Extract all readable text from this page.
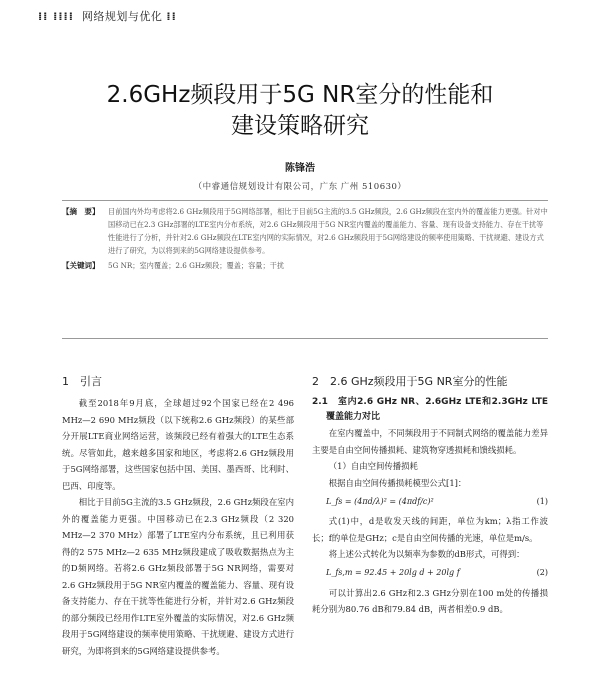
⁞⁞ ⁞⁞⁞⁞ 网络规划与优化 ⁞⁞
2.6GHz频段用于5G NR室分的性能和
建设策略研究
陈锋浩
（中睿通信规划设计有限公司，广东 广州 510630）
【摘　要】	目前国内外均考虑将2.6 GHz频段用于5G网络部署，相比于目前5G主流的3.5 GHz频段，2.6 GHz频段在室内外的覆盖能力更强。针对中国移动已在2.3 GHz部署的LTE室内分布系统，对2.6 GHz频段用于5G NR室内覆盖的覆盖能力、容量、现有设备支持能力、存在干扰等性能进行了分析，并针对2.6 GHz频段在LTE室内网的实际情况，对2.6 GHz频段用于5G网络建设的频率使用策略、干扰规避、建设方式进行了研究，为以将到来的5G网络建设提供参考。
【关键词】	5G NR；室内覆盖；2.6 GHz频段；覆盖；容量；干扰
1　引言

截至2018年9月底，全球超过92个国家已经在2 496 MHz—2 690 MHz频段（以下统称2.6 GHz频段）的某些部分开展LTE商业网络运营，该频段已经有着强大的LTE生态系统。尽管如此，越来越多国家和地区，考虑将2.6 GHz频段用于5G网络部署，这些国家包括中国、美国、墨西哥、比利时、巴西、印度等。

相比于目前5G主流的3.5 GHz频段，2.6 GHz频段在室内外的覆盖能力更强。中国移动已在2.3 GHz频段（2 320 MHz—2 370 MHz）部署了LTE室内分布系统，且已利用获得的2 575 MHz—2 635 MHz频段建成了吸收数据热点为主的D频网络。若将2.6 GHz频段部署于5G NR网络，需要对2.6 GHz频段用于5G NR室内覆盖的覆盖能力、容量、现有设备支持能力、存在干扰等性能进行分析，并针对2.6 GHz频段的部分频段已经用作LTE室外覆盖的实际情况，对2.6 GHz频段用于5G网络建设的频率使用策略、干扰规避、建设方式进行研究，为即将到来的5G网络建设提供参考。

2　2.6 GHz频段用于5G NR室分的性能
2.1　室内2.6 GHz NR、2.6GHz LTE和2.3GHz LTE覆盖能力对比

在室内覆盖中，不同频段用于不同制式网络的覆盖能力差异主要是自由空间传播损耗、建筑物穿透损耗和馈线损耗。

（1）自由空间传播损耗

根据自由空间传播损耗模型公式[1]：

L_fs = (4πd/λ)² = (4πdf/c)²	(1)

式(1)中，d是收发天线的间距，单位为km；λ指工作波长；f的单位是GHz；c是自由空间传播的光速，单位是m/s。

将上述公式转化为以频率为参数的dB形式，可得到：

L_fs,m = 92.45 + 20lg d + 20lg f	(2)

可以计算出2.6 GHz和2.3 GHz分别在100 m处的传播损耗分别为80.76 dB和79.84 dB，两者相差0.9 dB。
